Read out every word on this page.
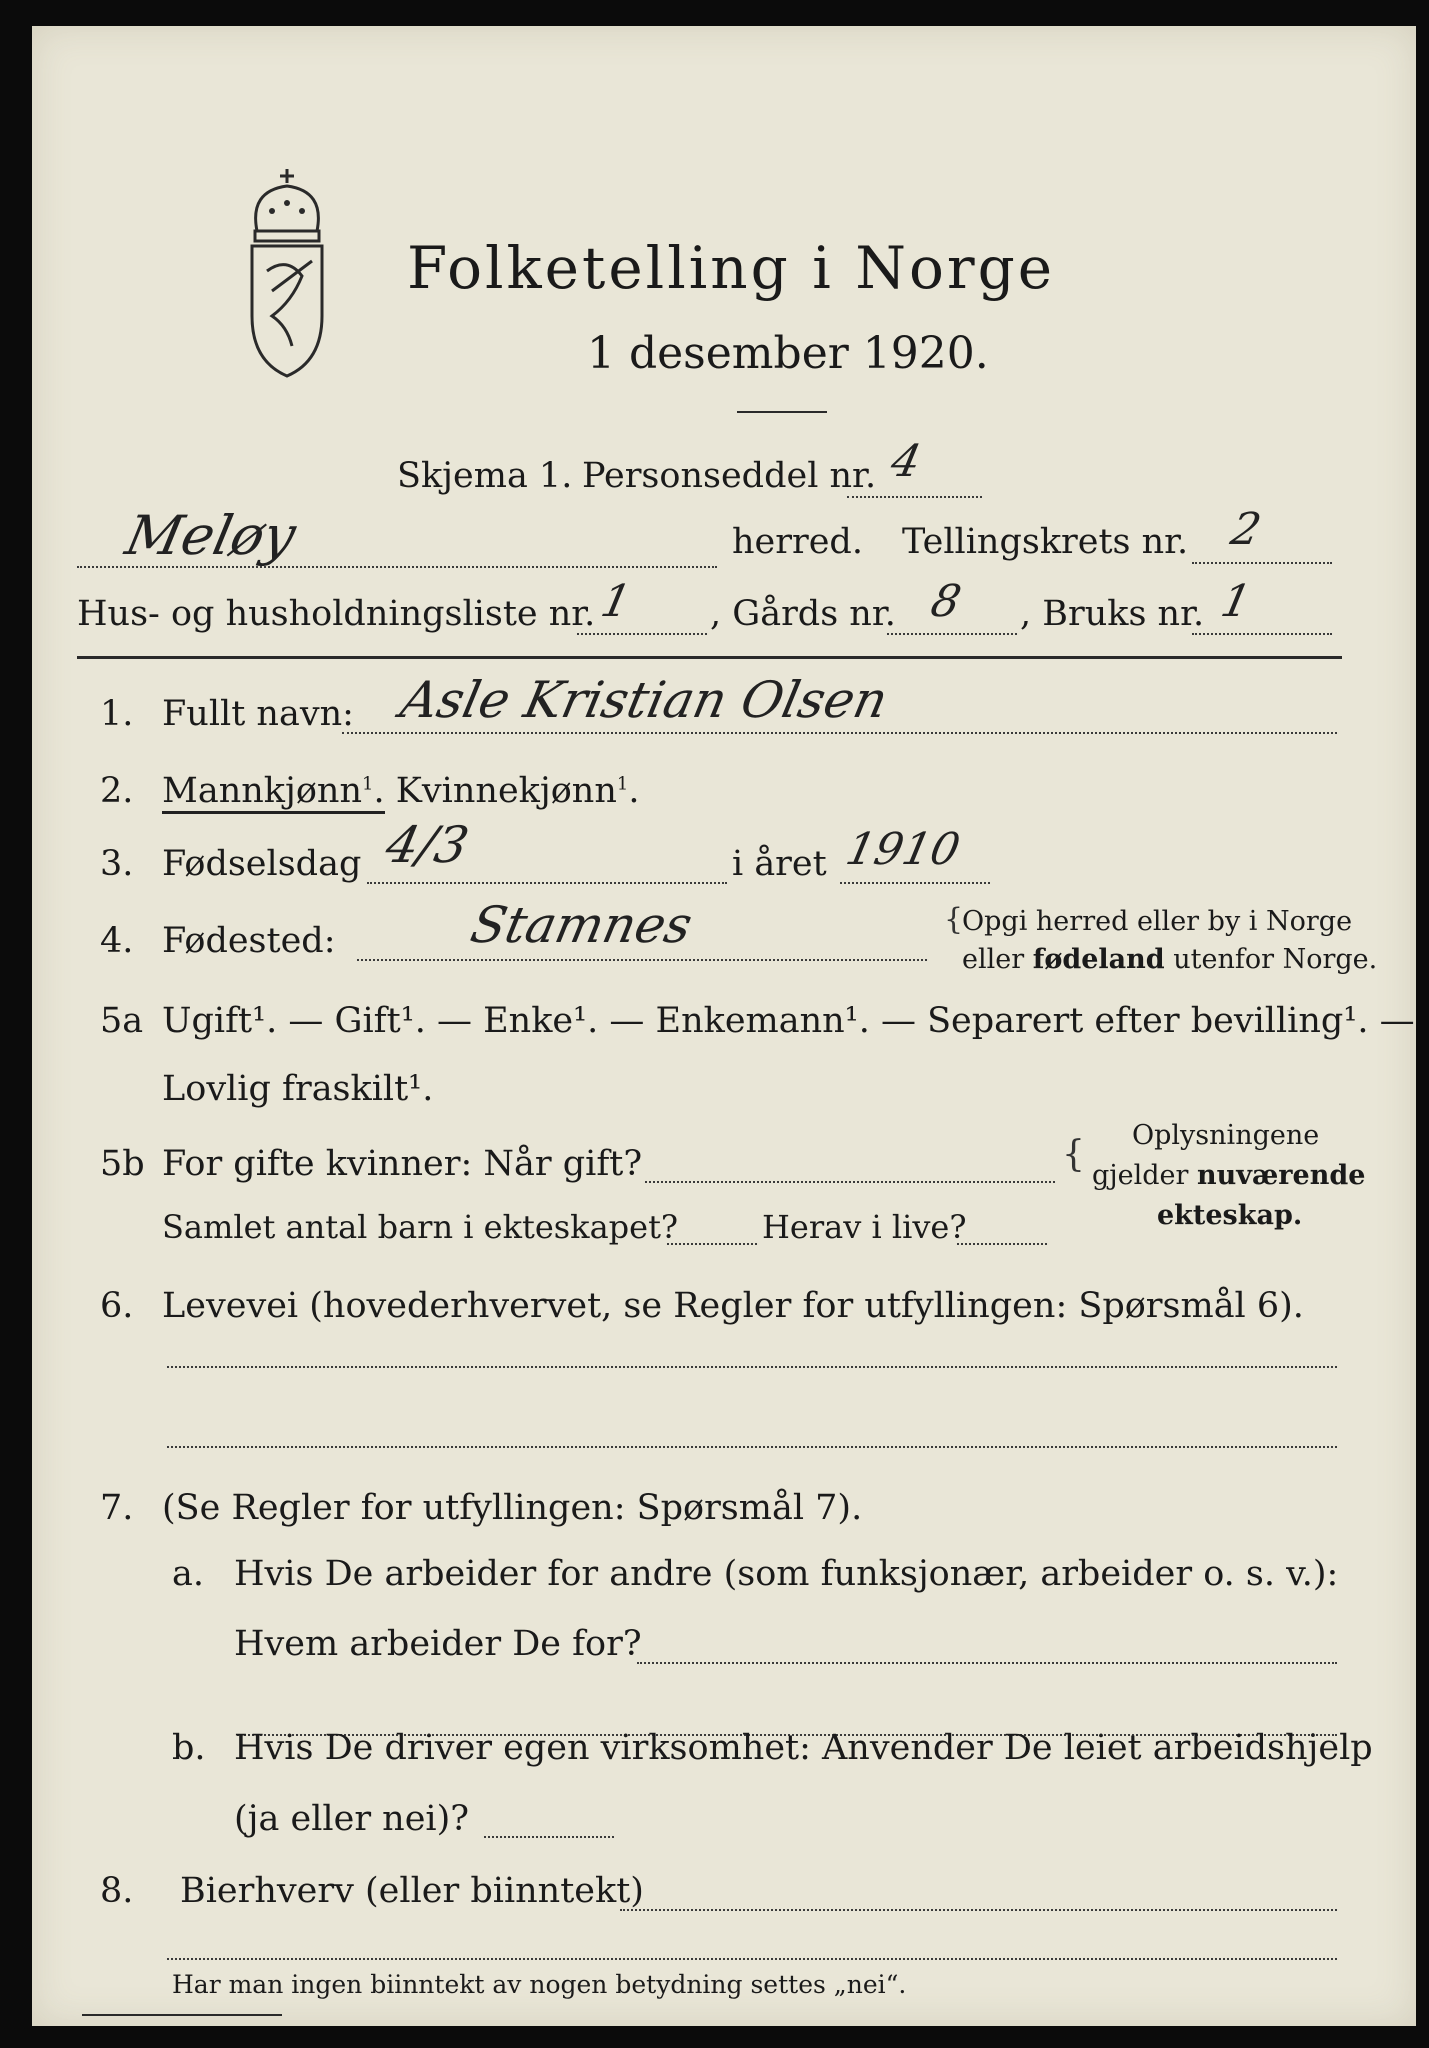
Folketelling i Norge
1 desember 1920.
Skjema 1. Personseddel nr. 4
Meløy	herred. Tellingskrets nr. 2
Hus- og husholdningsliste nr. 1 , Gårds nr. 8 , Bruks nr. 1
1. Fullt navn: Asle Kristian Olsen
2. Mannkjønn$^1$. Kvinnekjønn$^1$.
3. Fødselsdag 4/3	i året 1910
4. Fødested:	Stamnes	{
Opgi herred eller by i Norge
eller fødeland utenfor Norge.
5a Ugift¹. — Gift¹. — Enke¹. — Enkemann¹. — Separert efter bevilling¹. —
Lovlig fraskilt¹.
5b For gifte kvinner: Når gift?
Samlet antal barn i ekteskapet?	Herav i live?
{ Oplysningene
gjelder nuværende
ekteskap.
6. Levevei (hovederhvervet, se Regler for utfyllingen: Spørsmål 6).
7. (Se Regler for utfyllingen: Spørsmål 7).
a. Hvis De arbeider for andre (som funksjonær, arbeider o. s. v.):
Hvem arbeider De for?
b. Hvis De driver egen virksomhet: Anvender De leiet arbeidshjelp
(ja eller nei)?
8. Bierhverv (eller biinntekt)
Har man ingen biinntekt av nogen betydning settes „nei“.
